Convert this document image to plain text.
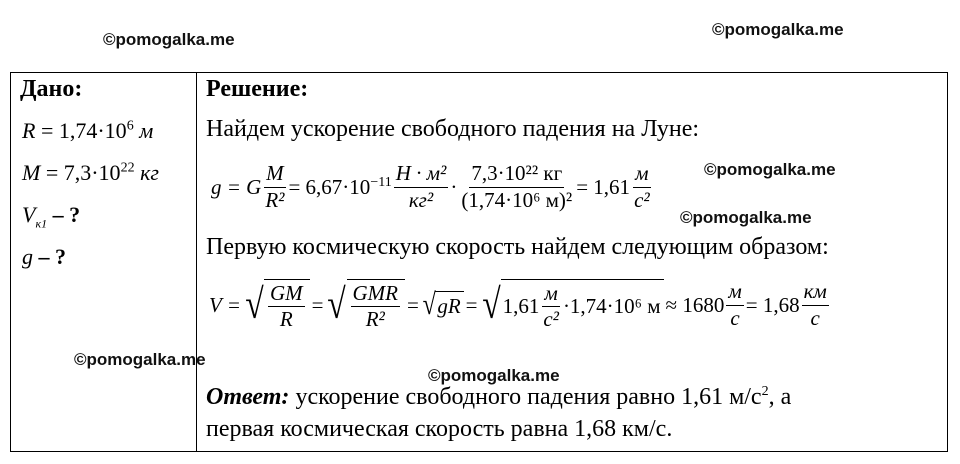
©pomogalka.me
©pomogalka.me
©pomogalka.me
©pomogalka.me
©pomogalka.me
©pomogalka.me
Дано:
$R = 1,74\cdot 10^6$ м
$M = 7,3\cdot 10^{22}$ кг
$V_{к1}$ – ?
g – ?
Решение:
Найдем ускорение свободного падения на Луне:
g = G $\frac{M}{\text{R²}} = 6,67\cdot 10^{-11} \frac{\text{Н · м²}}{\text{кг²}} \cdot \frac{\text{7,3·10²² кг}}{\text{(1,74·10⁶ м)²}} = 1,61 \frac{м}{\text{с²}}$
Первую космическую скорость найдем следующим образом:
V = √ $\frac{GM}{R}$ = √ $\frac{\text{GMR}}{\text{R²}}$ = √ gR = √ $1,61 \frac{м}{\text{с²}} \cdot 1,74\cdot 10^6$ $м \approx 1680 \frac{м}{с} = 1,68 \frac{км}{с}$
Ответ: ускорение свободного падения равно 1,61 $м/с^2$, а
первая космическая скорость равна 1,68 км/с.
